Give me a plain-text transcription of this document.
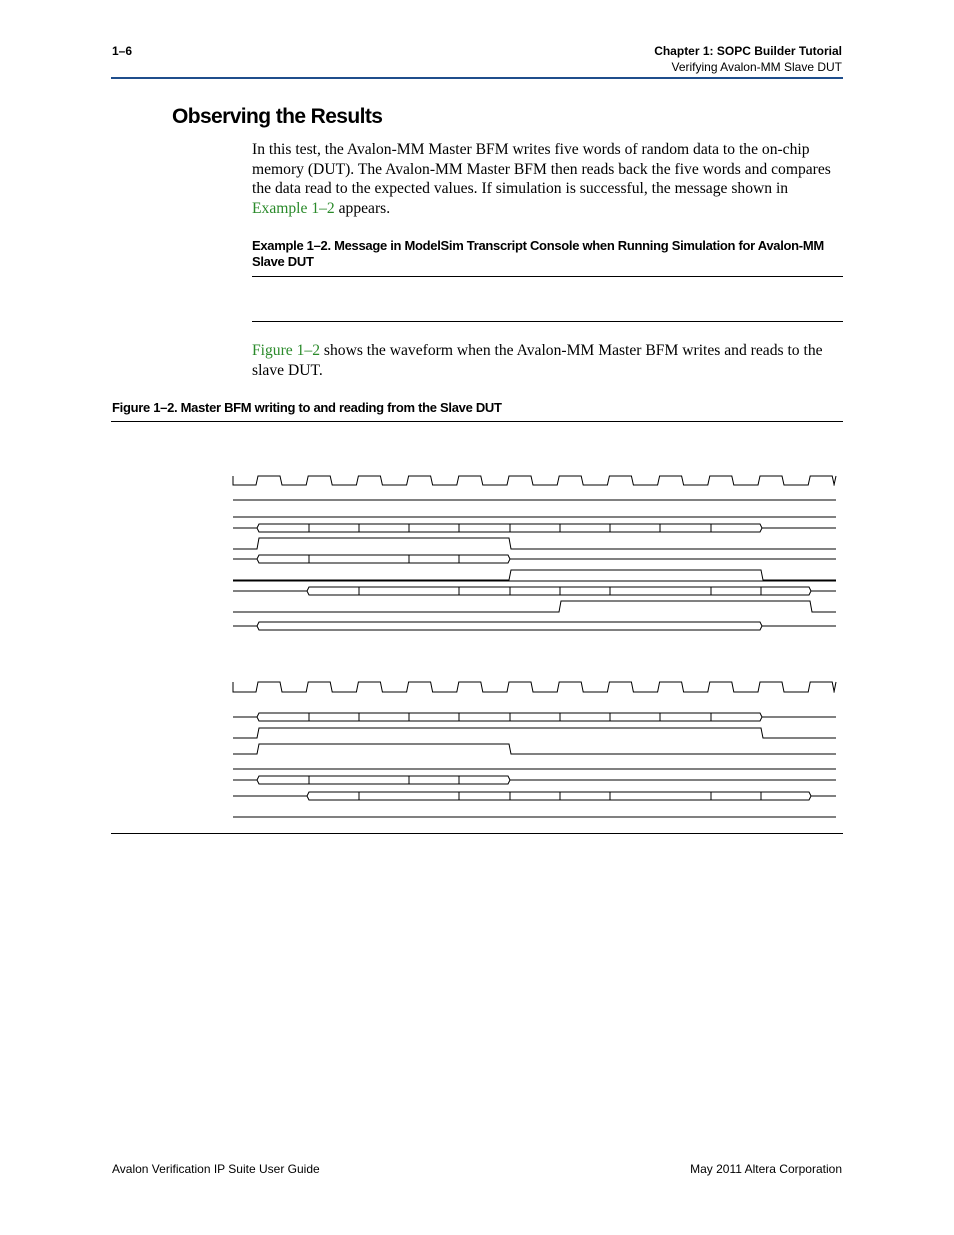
1–6	Chapter 1: SOPC Builder Tutorial
Verifying Avalon-MM Slave DUT
Observing the Results
In this test, the Avalon-MM Master BFM writes five words of random data to the on-chip memory (DUT). The Avalon-MM Master BFM then reads back the five words and compares the data read to the expected values. If simulation is successful, the message shown in Example 1–2 appears.
Example 1–2. Message in ModelSim Transcript Console when Running Simulation for Avalon-MM Slave DUT
Figure 1–2 shows the waveform when the Avalon-MM Master BFM writes and reads to the slave DUT.
Figure 1–2. Master BFM writing to and reading from the Slave DUT
Avalon Verification IP Suite User Guide	May 2011 Altera Corporation
